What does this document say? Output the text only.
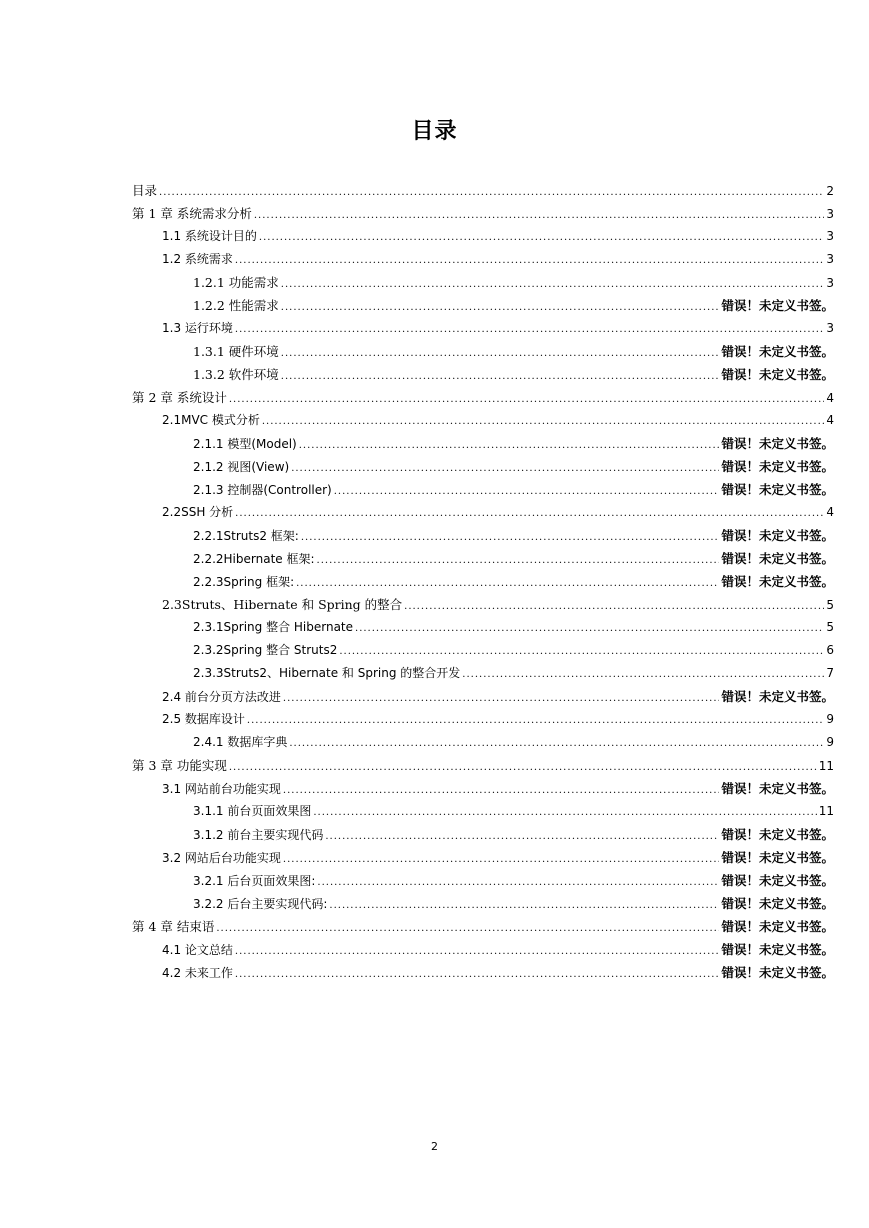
目录
目录 .....	2
第 1 章 系统需求分析 .....	3
1.1 系统设计目的 .....	3
1.2 系统需求 .....	3
1.2.1 功能需求 .....	3
1.2.2 性能需求 .....	错误！未定义书签。
1.3 运行环境 .....	3
1.3.1 硬件环境 .....	错误！未定义书签。
1.3.2 软件环境 .....	错误！未定义书签。
第 2 章 系统设计 .....	4
2.1MVC 模式分析 .....	4
2.1.1 模型(Model) .....	错误！未定义书签。
2.1.2 视图(View) .....	错误！未定义书签。
2.1.3 控制器(Controller) .....	错误！未定义书签。
2.2SSH 分析 .....	4
2.2.1Struts2 框架: .....	错误！未定义书签。
2.2.2Hibernate 框架: .....	错误！未定义书签。
2.2.3Spring 框架: .....	错误！未定义书签。
2.3Struts、Hibernate 和 Spring 的整合 .....	5
2.3.1Spring 整合 Hibernate .....	5
2.3.2Spring 整合 Struts2 .....	6
2.3.3Struts2、Hibernate 和 Spring 的整合开发 .....	7
2.4 前台分页方法改进 .....	错误！未定义书签。
2.5 数据库设计 .....	9
2.4.1 数据库字典 .....	9
第 3 章 功能实现 .....	11
3.1 网站前台功能实现 .....	错误！未定义书签。
3.1.1 前台页面效果图 .....	11
3.1.2 前台主要实现代码 .....	错误！未定义书签。
3.2 网站后台功能实现 .....	错误！未定义书签。
3.2.1 后台页面效果图: .....	错误！未定义书签。
3.2.2 后台主要实现代码: .....	错误！未定义书签。
第 4 章 结束语 .....	错误！未定义书签。
4.1 论文总结 .....	错误！未定义书签。
4.2 未来工作 .....	错误！未定义书签。
2
